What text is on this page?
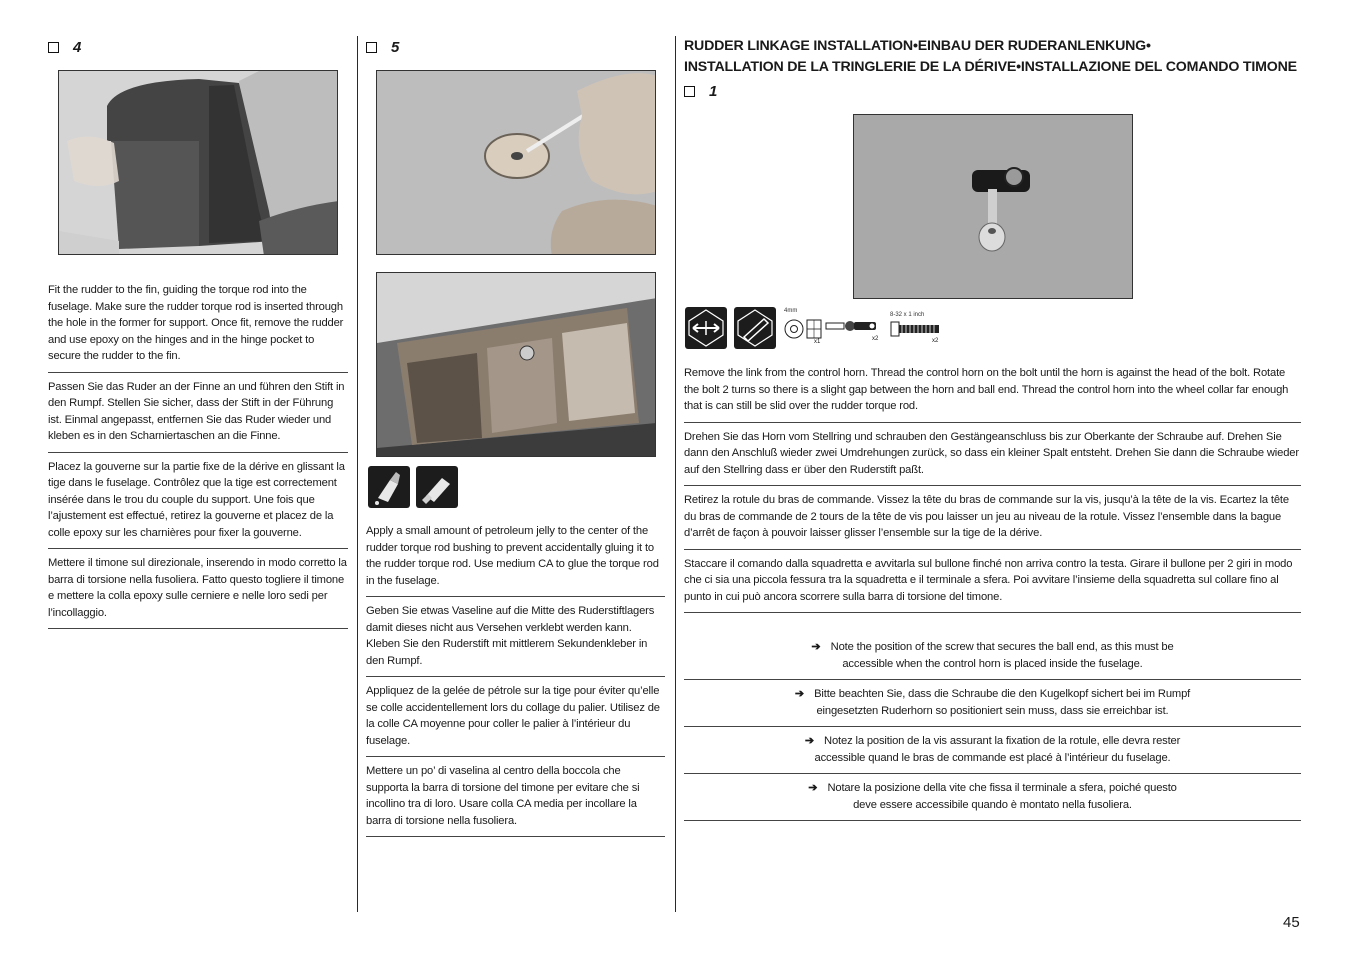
4
Fit the rudder to the fin, guiding the torque rod into the fuselage. Make sure the rudder torque rod is inserted through the hole in the former for support. Once fit, remove the rudder and use epoxy on the hinges and in the hinge pocket to secure the rudder to the fin.
Passen Sie das Ruder an der Finne an und führen den Stift in den Rumpf. Stellen Sie sicher, dass der Stift in der Führung ist. Einmal angepasst, entfernen Sie das Ruder wieder und kleben es in den Scharniertaschen an die Finne.
Placez la gouverne sur la partie fixe de la dérive en glissant la tige dans le fuselage. Contrôlez que la tige est correctement insérée dans le trou du couple du support. Une fois que l’ajustement est effectué, retirez la gouverne et placez de la colle epoxy sur les charnières pour fixer la gouverne.
Mettere il timone sul direzionale, inserendo in modo corretto la barra di torsione nella fusoliera. Fatto questo togliere il timone e mettere la colla epoxy sulle cerniere e nelle loro sedi per l’incollaggio.
5
Apply a small amount of petroleum jelly to the center of the rudder torque rod bushing to prevent accidentally gluing it to the rudder torque rod. Use medium CA to glue the torque rod in the fuselage.
Geben Sie etwas Vaseline auf die Mitte des Ruderstiftlagers damit dieses nicht aus Versehen verklebt werden kann. Kleben Sie den Ruderstift mit mittlerem Sekundenkleber in den Rumpf.
Appliquez de la gelée de pétrole sur la tige pour éviter qu’elle se colle accidentellement lors du collage du palier. Utilisez de la colle CA moyenne pour coller le palier à l’intérieur du fuselage.
Mettere un po’ di vaselina al centro della boccola che supporta la barra di torsione del timone per evitare che si incollino tra di loro. Usare colla CA media per incollare la barra di torsione nella fusoliera.
RUDDER LINKAGE INSTALLATION•EINBAU DER RUDERANLENKUNG•
INSTALLATION DE LA TRINGLERIE DE LA DÉRIVE•INSTALLAZIONE DEL COMANDO TIMONE
1
4mm
x1	x2
8-32 x 1 inch
x2
Remove the link from the control horn. Thread the control horn on the bolt until the horn is against the head of the bolt. Rotate the bolt 2 turns so there is a slight gap between the horn and ball end. Thread the control horn into the wheel collar far enough that is can still be slid over the rudder torque rod.
Drehen Sie das Horn vom Stellring und schrauben den Gestängeanschluss bis zur Oberkante der Schraube auf. Drehen Sie dann den Anschluß wieder zwei Umdrehungen zurück, so dass ein kleiner Spalt entsteht. Drehen Sie dann die Schraube wieder auf den Stellring dass er über den Ruderstift paßt.
Retirez la rotule du bras de commande. Vissez la tête du bras de commande sur la vis, jusqu’à la tête de la vis. Ecartez la tête du bras de commande de 2 tours de la tête de vis pou laisser un jeu au niveau de la rotule. Vissez l’ensemble dans la bague d’arrêt de façon à pouvoir laisser glisser l’ensemble sur la tige de la dérive.
Staccare il comando dalla squadretta e avvitarla sul bullone finché non arriva contro la testa. Girare il bullone per 2 giri in modo che ci sia una piccola fessura tra la squadretta e il terminale a sfera. Poi avvitare l’insieme della squadretta sul collare fino al punto in cui può ancora scorrere sulla barra di torsione del timone.
➔ Note the position of the screw that secures the ball end, as this must be
accessible when the control horn is placed inside the fuselage.
➔ Bitte beachten Sie, dass die Schraube die den Kugelkopf sichert bei im Rumpf
eingesetzten Ruderhorn so positioniert sein muss, dass sie erreichbar ist.
➔ Notez la position de la vis assurant la fixation de la rotule, elle devra rester
accessible quand le bras de commande est placé à l’intérieur du fuselage.
➔ Notare la posizione della vite che fissa il terminale a sfera, poiché questo
deve essere accessibile quando è montato nella fusoliera.
45
